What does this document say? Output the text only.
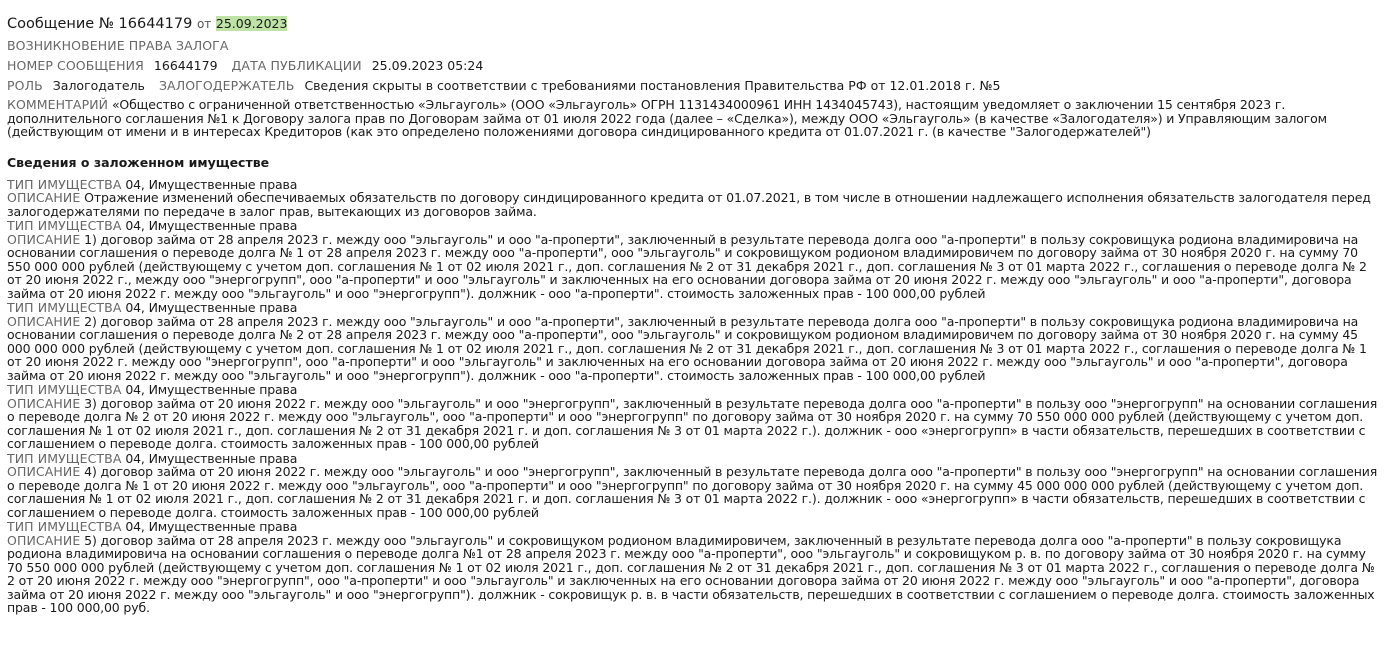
Сообщение № 16644179 от 25.09.2023
ВОЗНИКНОВЕНИЕ ПРАВА ЗАЛОГА
НОМЕР СООБЩЕНИЯ 16644179 ДАТА ПУБЛИКАЦИИ 25.09.2023 05:24
РОЛЬ Залогодатель ЗАЛОГОДЕРЖАТЕЛЬ Сведения скрыты в соответствии с требованиями постановления Правительства РФ от 12.01.2018 г. №5
КОММЕНТАРИЙ «Общество с ограниченной ответственностью «Эльгауголь» (ООО «Эльгауголь» ОГРН 1131434000961 ИНН 1434045743), настоящим уведомляет о заключении 15 сентября 2023 г. дополнительного соглашения №1 к Договору залога прав по Договорам займа от 01 июля 2022 года (далее – «Сделка»), между ООО «Эльгауголь» (в качестве «Залогодателя») и Управляющим залогом (действующим от имени и в интересах Кредиторов (как это определено положениями договора синдицированного кредита от 01.07.2021 г. (в качестве "Залогодержателей")
Сведения о заложенном имуществе
ТИП ИМУЩЕСТВА 04, Имущественные права
ОПИСАНИЕ Отражение изменений обеспечиваемых обязательств по договору синдицированного кредита от 01.07.2021, в том числе в отношении надлежащего исполнения обязательств залогодателя перед залогодержателями по передаче в залог прав, вытекающих из договоров займа.
ТИП ИМУЩЕСТВА 04, Имущественные права
ОПИСАНИЕ 1) договор займа от 28 апреля 2023 г. между ооо "эльгауголь" и ооо "а-проперти", заключенный в результате перевода долга ооо "а-проперти" в пользу сокровищука родиона владимировича на основании соглашения о переводе долга № 1 от 28 апреля 2023 г. между ооо "а-проперти", ооо "эльгауголь" и сокровищуком родионом владимировичем по договору займа от 30 ноября 2020 г. на сумму 70 550 000 000 рублей (действующему с учетом доп. соглашения № 1 от 02 июля 2021 г., доп. соглашения № 2 от 31 декабря 2021 г., доп. соглашения № 3 от 01 марта 2022 г., соглашения о переводе долга № 2 от 20 июня 2022 г., между ооо "энергогрупп", ооо "а-проперти" и ооо "эльгауголь" и заключенных на его основании договора займа от 20 июня 2022 г. между ооо "эльгауголь" и ооо "а-проперти", договора займа от 20 июня 2022 г. между ооо "эльгауголь" и ооо "энергогрупп"). должник - ооо "а-проперти". стоимость заложенных прав - 100 000,00 рублей
ТИП ИМУЩЕСТВА 04, Имущественные права
ОПИСАНИЕ 2) договор займа от 28 апреля 2023 г. между ооо "эльгауголь" и ооо "а-проперти", заключенный в результате перевода долга ооо "а-проперти" в пользу сокровищука родиона владимировича на основании соглашения о переводе долга № 2 от 28 апреля 2023 г. между ооо "а-проперти", ооо "эльгауголь" и сокровищуком родионом владимировичем по договору займа от 30 ноября 2020 г. на сумму 45 000 000 000 рублей (действующему с учетом доп. соглашения № 1 от 02 июля 2021 г., доп. соглашения № 2 от 31 декабря 2021 г., доп. соглашения № 3 от 01 марта 2022 г., соглашения о переводе долга № 1 от 20 июня 2022 г. между ооо "энергогрупп", ооо "а-проперти" и ооо "эльгауголь" и заключенных на его основании договора займа от 20 июня 2022 г. между ооо "эльгауголь" и ооо "а-проперти", договора займа от 20 июня 2022 г. между ооо "эльгауголь" и ооо "энергогрупп"). должник - ооо "а-проперти". стоимость заложенных прав - 100 000,00 рублей
ТИП ИМУЩЕСТВА 04, Имущественные права
ОПИСАНИЕ 3) договор займа от 20 июня 2022 г. между ооо "эльгауголь" и ооо "энергогрупп", заключенный в результате перевода долга ооо "а-проперти" в пользу ооо "энергогрупп" на основании соглашения о переводе долга № 2 от 20 июня 2022 г. между ооо "эльгауголь", ооо "а-проперти" и ооо "энергогрупп" по договору займа от 30 ноября 2020 г. на сумму 70 550 000 000 рублей (действующему с учетом доп. соглашения № 1 от 02 июля 2021 г., доп. соглашения № 2 от 31 декабря 2021 г. и доп. соглашения № 3 от 01 марта 2022 г.). должник - ооо «энергогрупп» в части обязательств, перешедших в соответствии с соглашением о переводе долга. стоимость заложенных прав - 100 000,00 рублей
ТИП ИМУЩЕСТВА 04, Имущественные права
ОПИСАНИЕ 4) договор займа от 20 июня 2022 г. между ооо "эльгауголь" и ооо "энергогрупп", заключенный в результате перевода долга ооо "а-проперти" в пользу ооо "энергогрупп" на основании соглашения о переводе долга № 1 от 20 июня 2022 г. между ооо "эльгауголь", ооо "а-проперти" и ооо "энергогрупп" по договору займа от 30 ноября 2020 г. на сумму 45 000 000 000 рублей (действующему с учетом доп. соглашения № 1 от 02 июля 2021 г., доп. соглашения № 2 от 31 декабря 2021 г. и доп. соглашения № 3 от 01 марта 2022 г.). должник - ооо «энергогрупп» в части обязательств, перешедших в соответствии с соглашением о переводе долга. стоимость заложенных прав - 100 000,00 рублей
ТИП ИМУЩЕСТВА 04, Имущественные права
ОПИСАНИЕ 5) договор займа от 28 апреля 2023 г. между ооо "эльгауголь" и сокровищуком родионом владимировичем, заключенный в результате перевода долга ооо "а-проперти" в пользу сокровищука родиона владимировича на основании соглашения о переводе долга №1 от 28 апреля 2023 г. между ооо "а-проперти", ооо "эльгауголь" и сокровищуком р. в. по договору займа от 30 ноября 2020 г. на сумму 70 550 000 000 рублей (действующему с учетом доп. соглашения № 1 от 02 июля 2021 г., доп. соглашения № 2 от 31 декабря 2021 г., доп. соглашения № 3 от 01 марта 2022 г., соглашения о переводе долга № 2 от 20 июня 2022 г. между ооо "энергогрупп", ооо "а-проперти" и ооо "эльгауголь" и заключенных на его основании договора займа от 20 июня 2022 г. между ооо "эльгауголь" и ооо "а-проперти", договора займа от 20 июня 2022 г. между ооо "эльгауголь" и ооо "энергогрупп"). должник - сокровищук р. в. в части обязательств, перешедших в соответствии с соглашением о переводе долга. стоимость заложенных прав - 100 000,00 руб.
